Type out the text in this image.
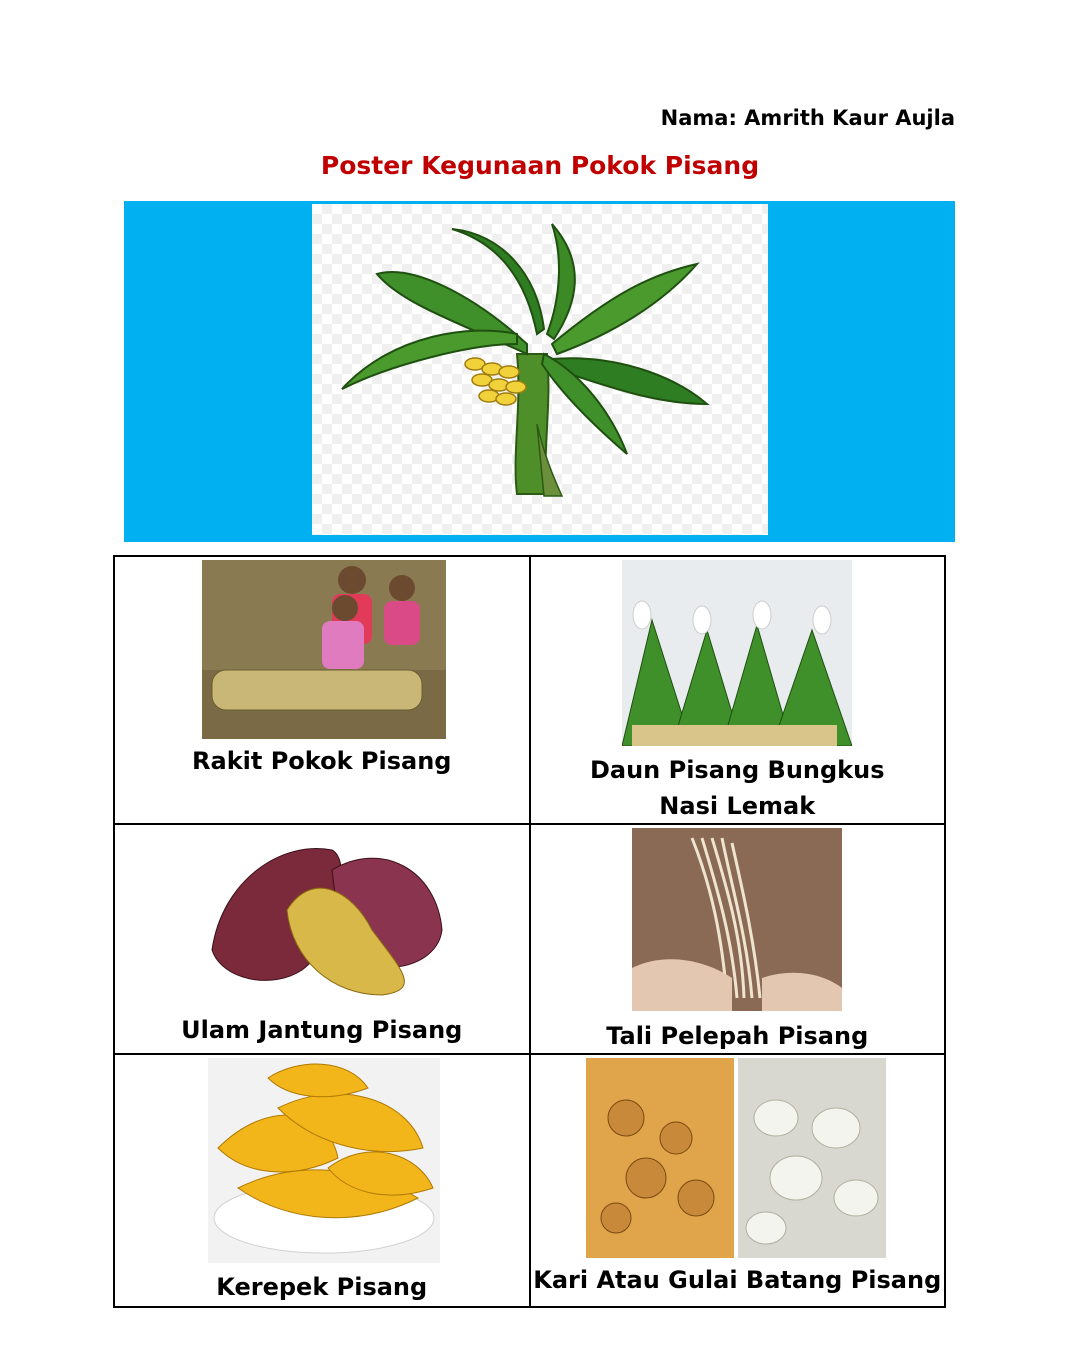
Nama: Amrith Kaur Aujla
Poster Kegunaan Pokok Pisang
Rakit Pokok Pisang	Daun Pisang Bungkus Nasi Lemak

Ulam Jantung Pisang	Tali Pelepah Pisang

Kerepek Pisang	Kari Atau Gulai Batang Pisang
